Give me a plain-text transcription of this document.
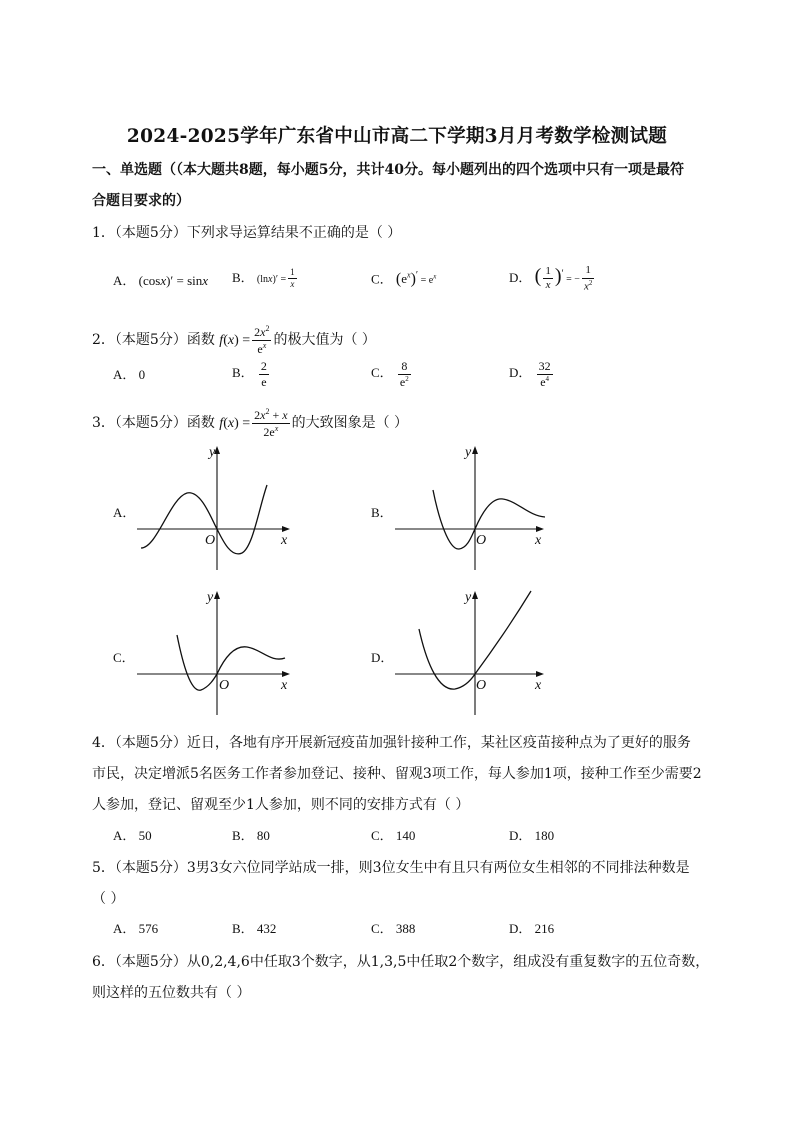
2024-2025学年广东省中山市高二下学期3月月考数学检测试题
一、单选题（（本大题共8题，每小题5分，共计40分。每小题列出的四个选项中只有一项是最符
合题目要求的）
1．（本题5分）下列求导运算结果不正确的是（ ）
A． (cosx)′ = sinx B． $(\ln x)' = \frac{1}{x}$	C． $(e^x)' = e^x$	D． ( $\frac{1}{x} )'$ = − $\frac{1}{x^2}$
2．（本题5分）函数 $f(x) = \frac{2x^2}{e^x}$ 的极大值为（ ）
A． 0	B． $\frac{2}{e}$	C． $\frac{8}{e^2}$	D． $\frac{32}{e^4}$
3．（本题5分）函数 $f(x) = \frac{2x^2 + x}{2e^x}$ 的大致图象是（ ）
A．
y
x
O
B．
y
x
O
C．
y
x
O
D．
y
x
O
4．（本题5分）近日，各地有序开展新冠疫苗加强针接种工作，某社区疫苗接种点为了更好的服务
市民，决定增派5名医务工作者参加登记、接种、留观3项工作，每人参加1项，接种工作至少需要2
人参加，登记、留观至少1人参加，则不同的安排方式有（ ）
A． 50	B． 80	C． 140	D． 180
5．（本题5分）3男3女六位同学站成一排，则3位女生中有且只有两位女生相邻的不同排法种数是
（ ）
A． 576	B． 432	C． 388	D． 216
6．（本题5分）从0,2,4,6中任取3个数字，从1,3,5中任取2个数字，组成没有重复数字的五位奇数，
则这样的五位数共有（ ）
